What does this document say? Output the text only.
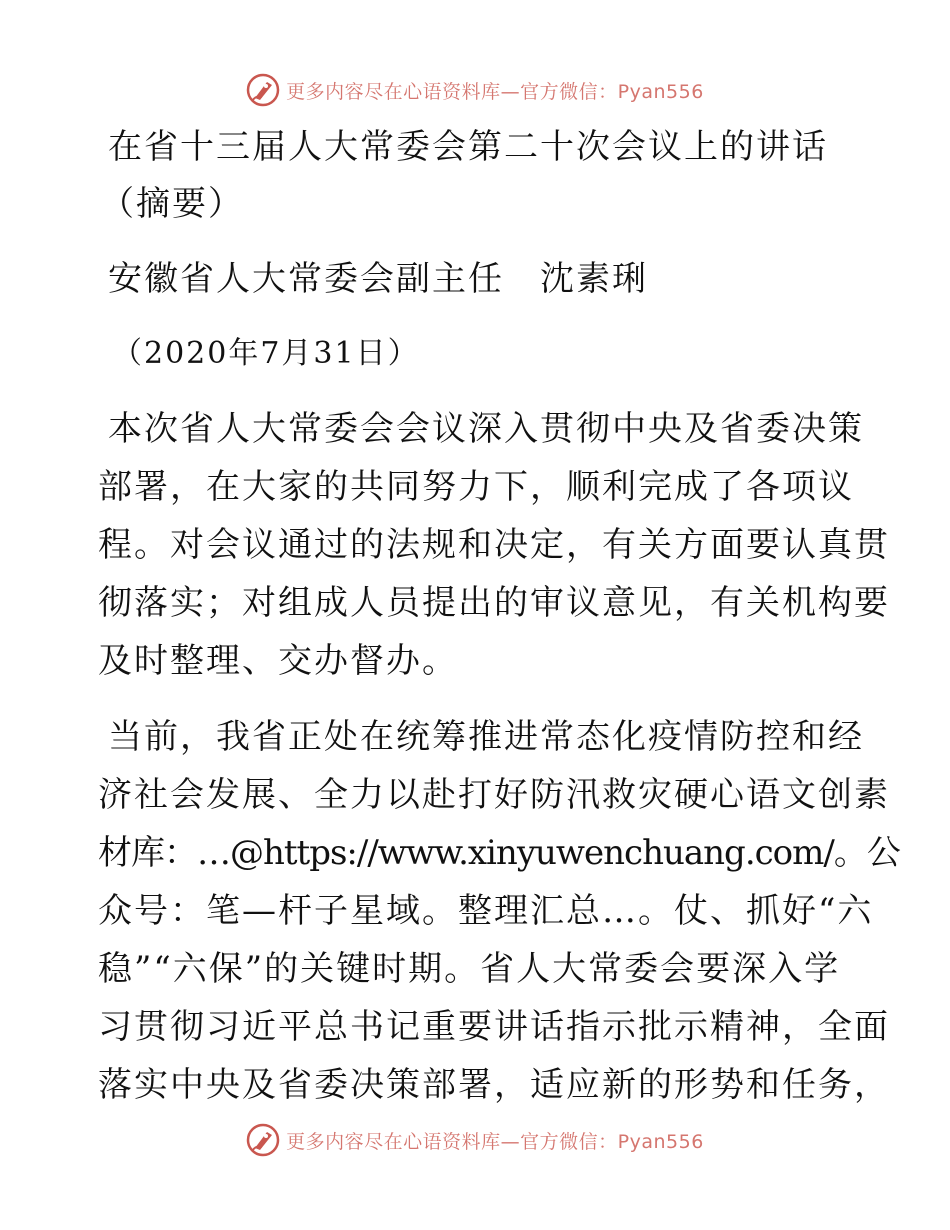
更多内容尽在心语资料库—官方微信：Pyan556
在省十三届人大常委会第二十次会议上的讲话
（摘要）
安徽省人大常委会副主任　沈素琍
（2020年7月31日）
本次省人大常委会会议深入贯彻中央及省委决策
部署，在大家的共同努力下，顺利完成了各项议
程。对会议通过的法规和决定，有关方面要认真贯
彻落实；对组成人员提出的审议意见，有关机构要
及时整理、交办督办。
当前，我省正处在统筹推进常态化疫情防控和经
济社会发展、全力以赴打好防汛救灾硬心语文创素
材库：…@https://www.xinyuwenchuang.com/。公
众号：笔—杆子星域。整理汇总…。仗、抓好“六
稳”“六保”的关键时期。省人大常委会要深入学
习贯彻习近平总书记重要讲话指示批示精神，全面
落实中央及省委决策部署，适应新的形势和任务，
更多内容尽在心语资料库—官方微信：Pyan556
